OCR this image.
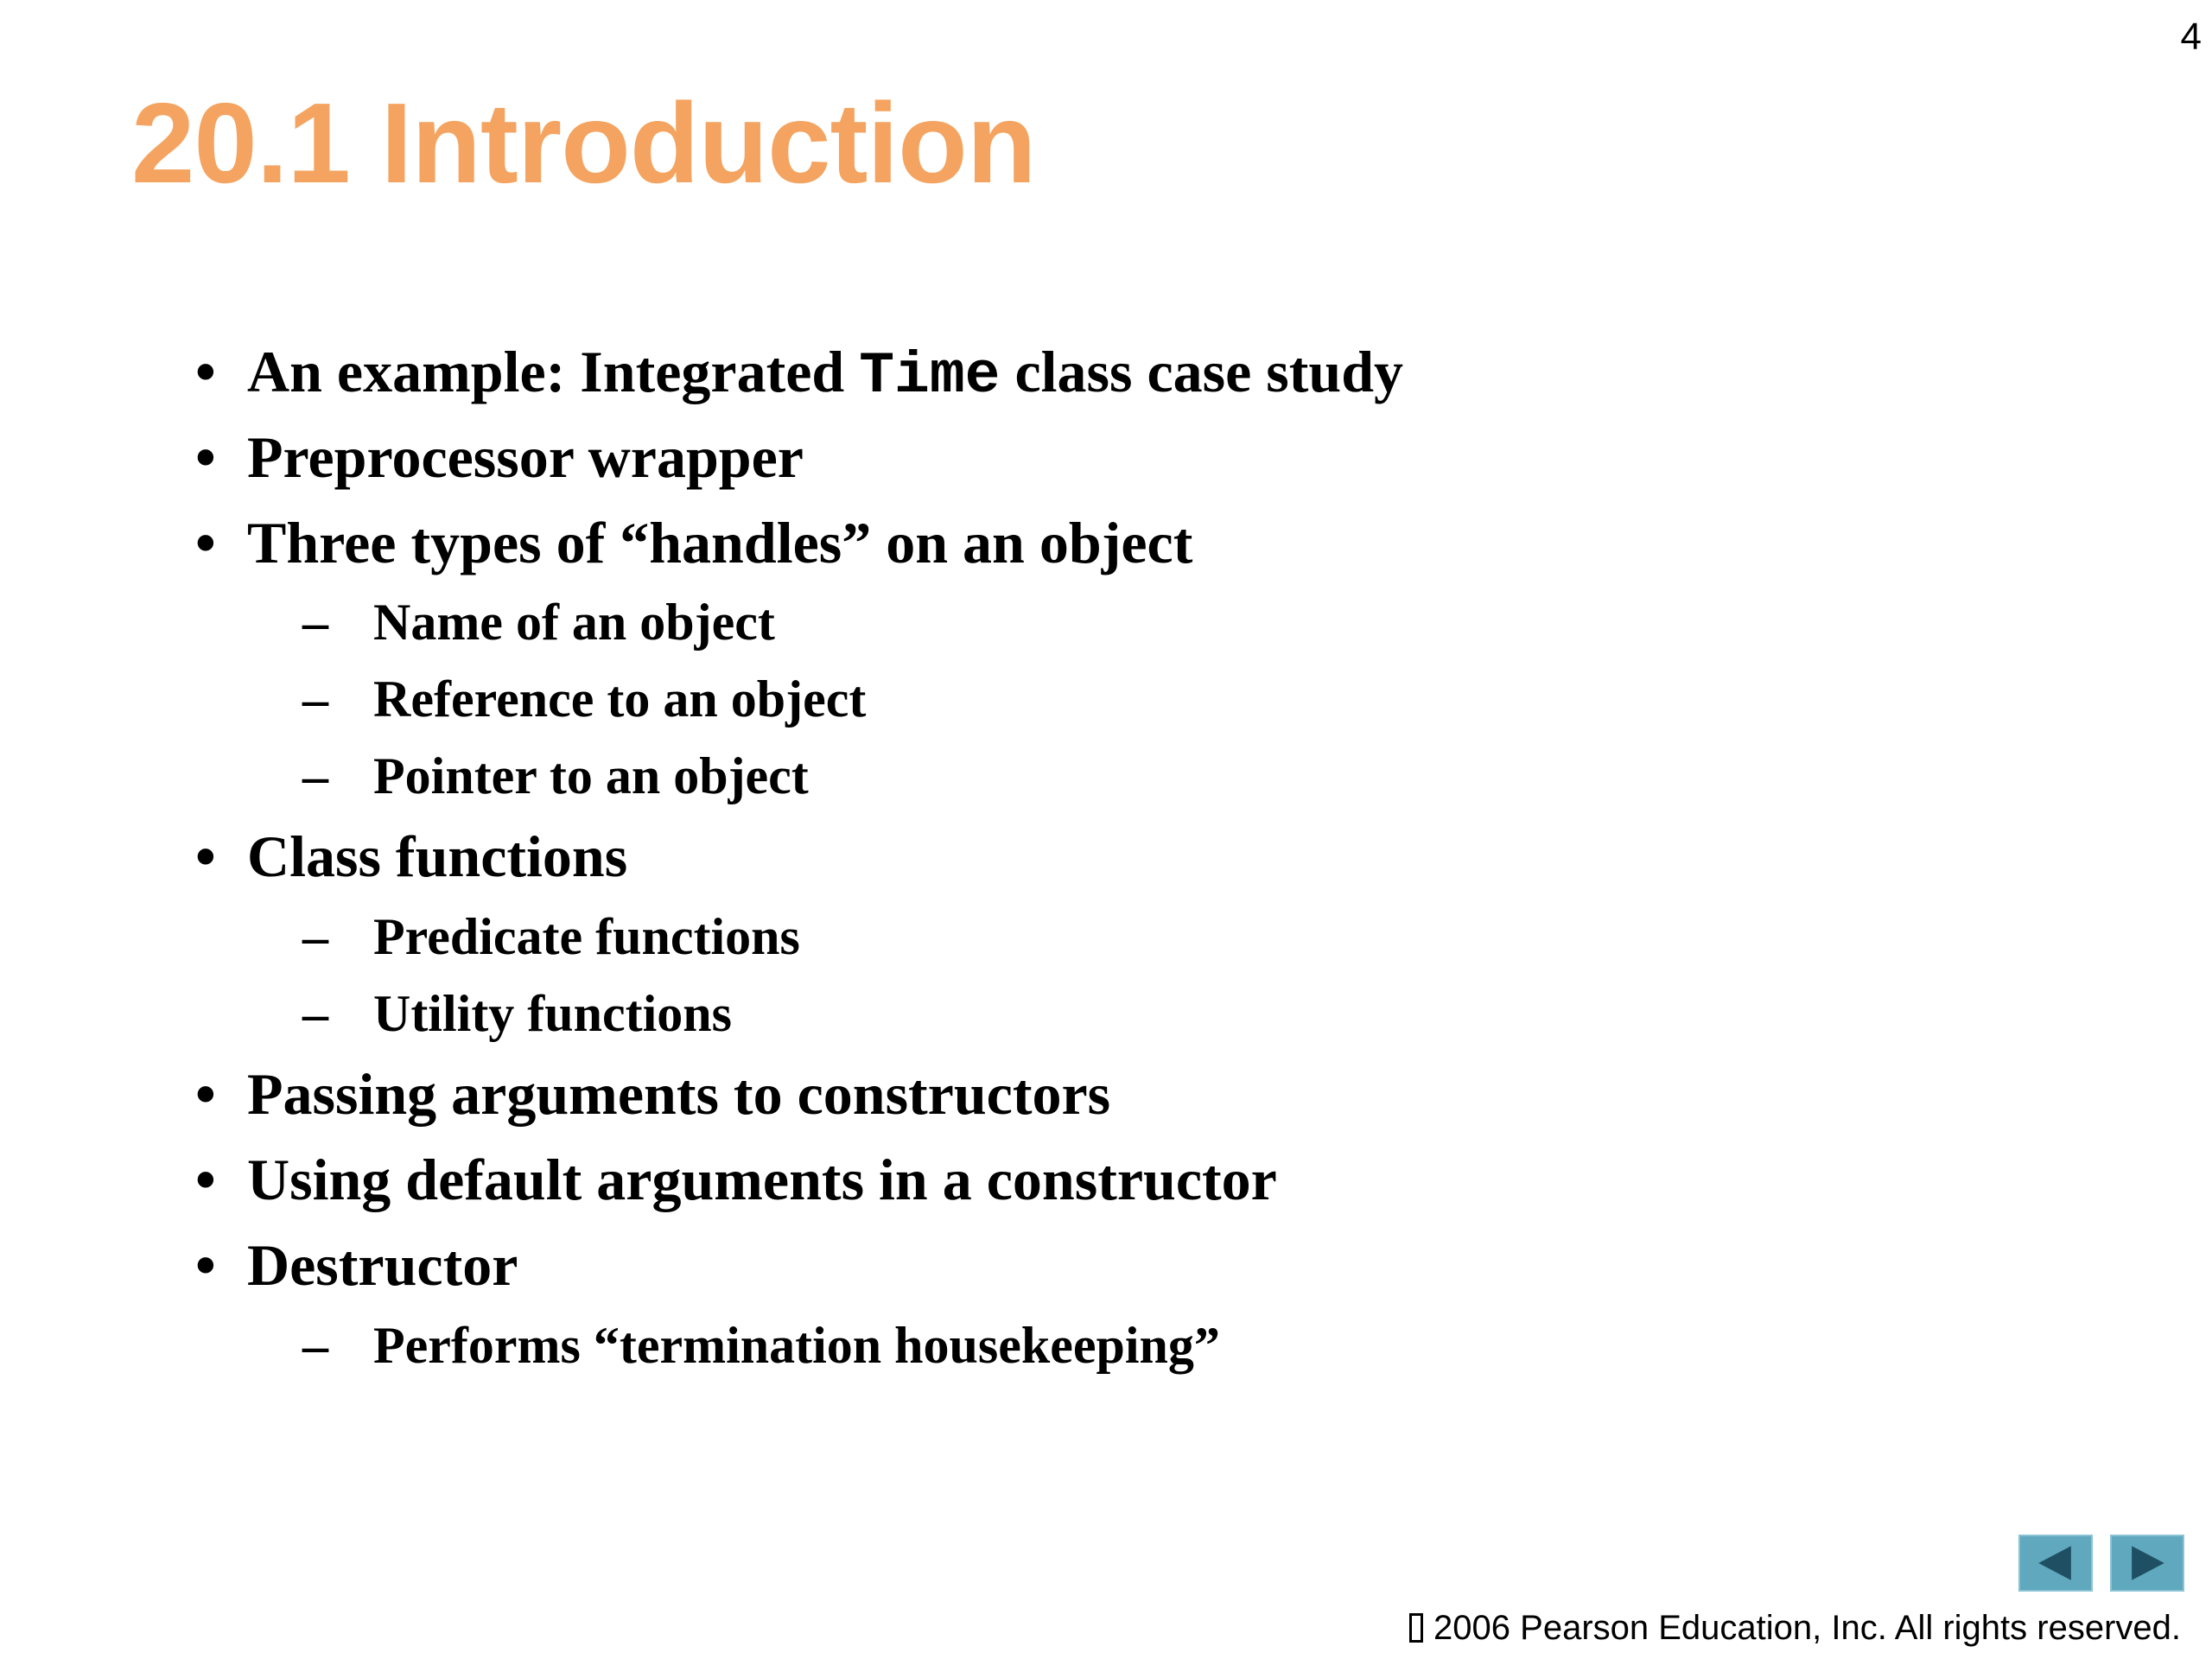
4
20.1 Introduction
• An example: Integrated Time class case study
• Preprocessor wrapper
• Three types of “handles” on an object
– Name of an object
– Reference to an object
– Pointer to an object
• Class functions
– Predicate functions
– Utility functions
• Passing arguments to constructors
• Using default arguments in a constructor
• Destructor
– Performs “termination housekeeping”
2006 Pearson Education, Inc. All rights reserved.
